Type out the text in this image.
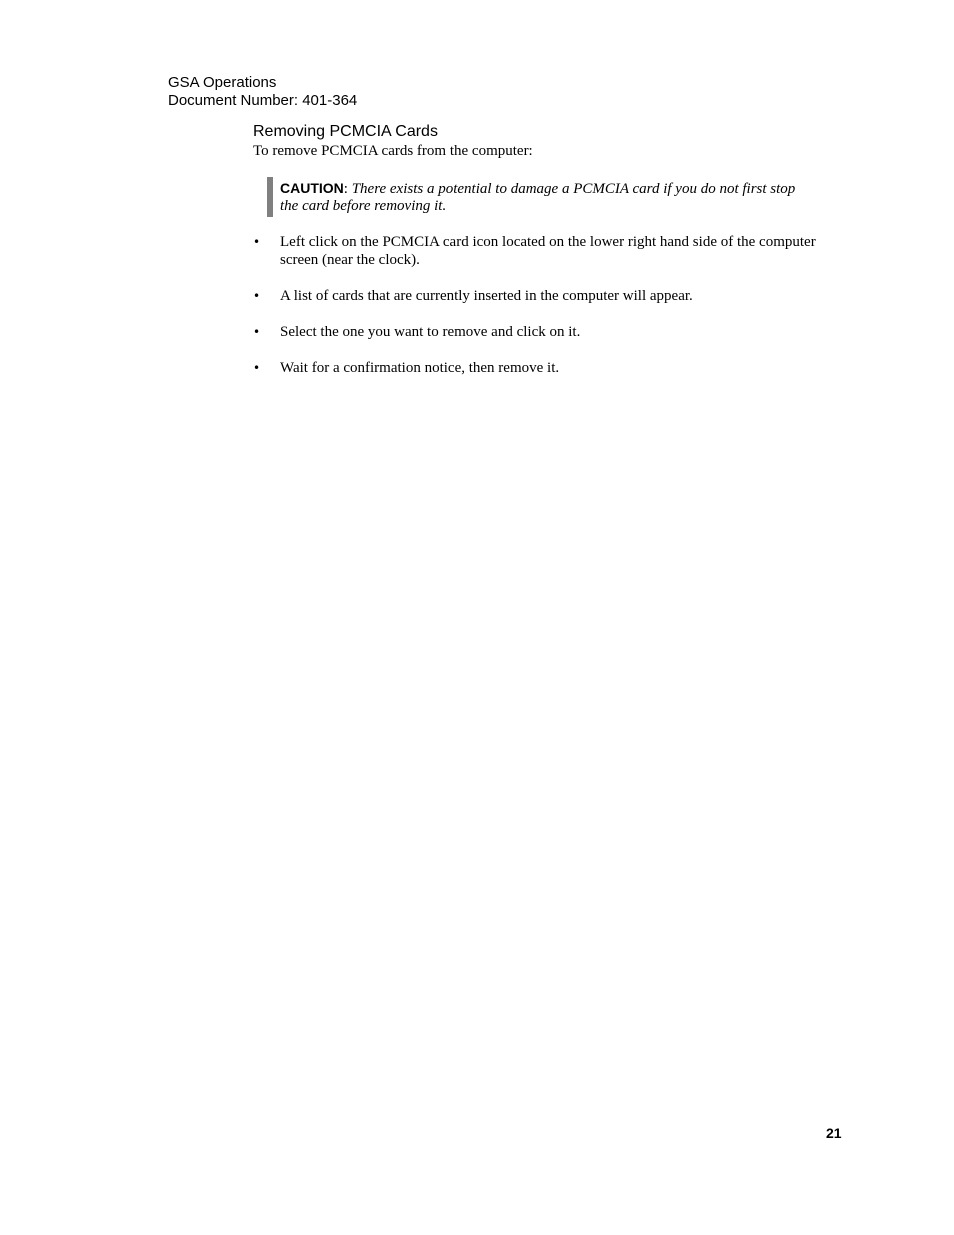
GSA Operations
Document Number: 401-364
Removing PCMCIA Cards

To remove PCMCIA cards from the computer:

CAUTION: There exists a potential to damage a PCMCIA card if you do not first stop the card before removing it.
• Left click on the PCMCIA card icon located on the lower right hand side of the computer screen (near the clock).
• A list of cards that are currently inserted in the computer will appear.
• Select the one you want to remove and click on it.
• Wait for a confirmation notice, then remove it.
21
